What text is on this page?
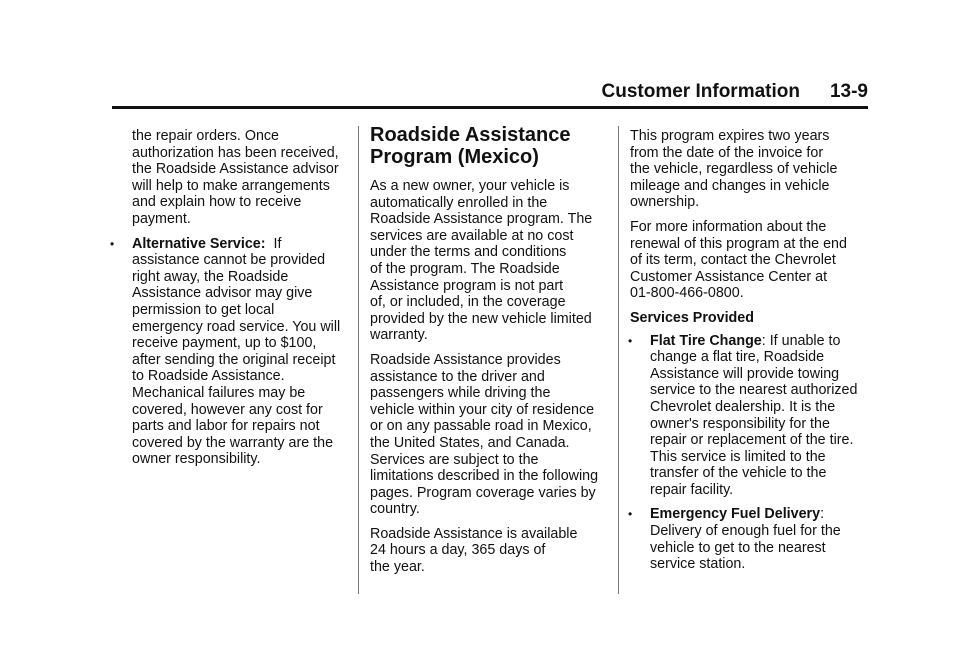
Customer Information 13-9

the repair orders. Once
authorization has been received,
the Roadside Assistance advisor
will help to make arrangements
and explain how to receive
payment.

• Alternative Service: If
assistance cannot be provided
right away, the Roadside
Assistance advisor may give
permission to get local
emergency road service. You will
receive payment, up to $100,
after sending the original receipt
to Roadside Assistance.
Mechanical failures may be
covered, however any cost for
parts and labor for repairs not
covered by the warranty are the
owner responsibility.
Roadside Assistance
Program (Mexico)

As a new owner, your vehicle is
automatically enrolled in the
Roadside Assistance program. The
services are available at no cost
under the terms and conditions
of the program. The Roadside
Assistance program is not part
of, or included, in the coverage
provided by the new vehicle limited
warranty.

Roadside Assistance provides
assistance to the driver and
passengers while driving the
vehicle within your city of residence
or on any passable road in Mexico,
the United States, and Canada.
Services are subject to the
limitations described in the following
pages. Program coverage varies by
country.

Roadside Assistance is available
24 hours a day, 365 days of
the year.

This program expires two years
from the date of the invoice for
the vehicle, regardless of vehicle
mileage and changes in vehicle
ownership.

For more information about the
renewal of this program at the end
of its term, contact the Chevrolet
Customer Assistance Center at
01-800-466-0800.

Services Provided
• Flat Tire Change: If unable to
change a flat tire, Roadside
Assistance will provide towing
service to the nearest authorized
Chevrolet dealership. It is the
owner's responsibility for the
repair or replacement of the tire.
This service is limited to the
transfer of the vehicle to the
repair facility.
• Emergency Fuel Delivery:
Delivery of enough fuel for the
vehicle to get to the nearest
service station.
